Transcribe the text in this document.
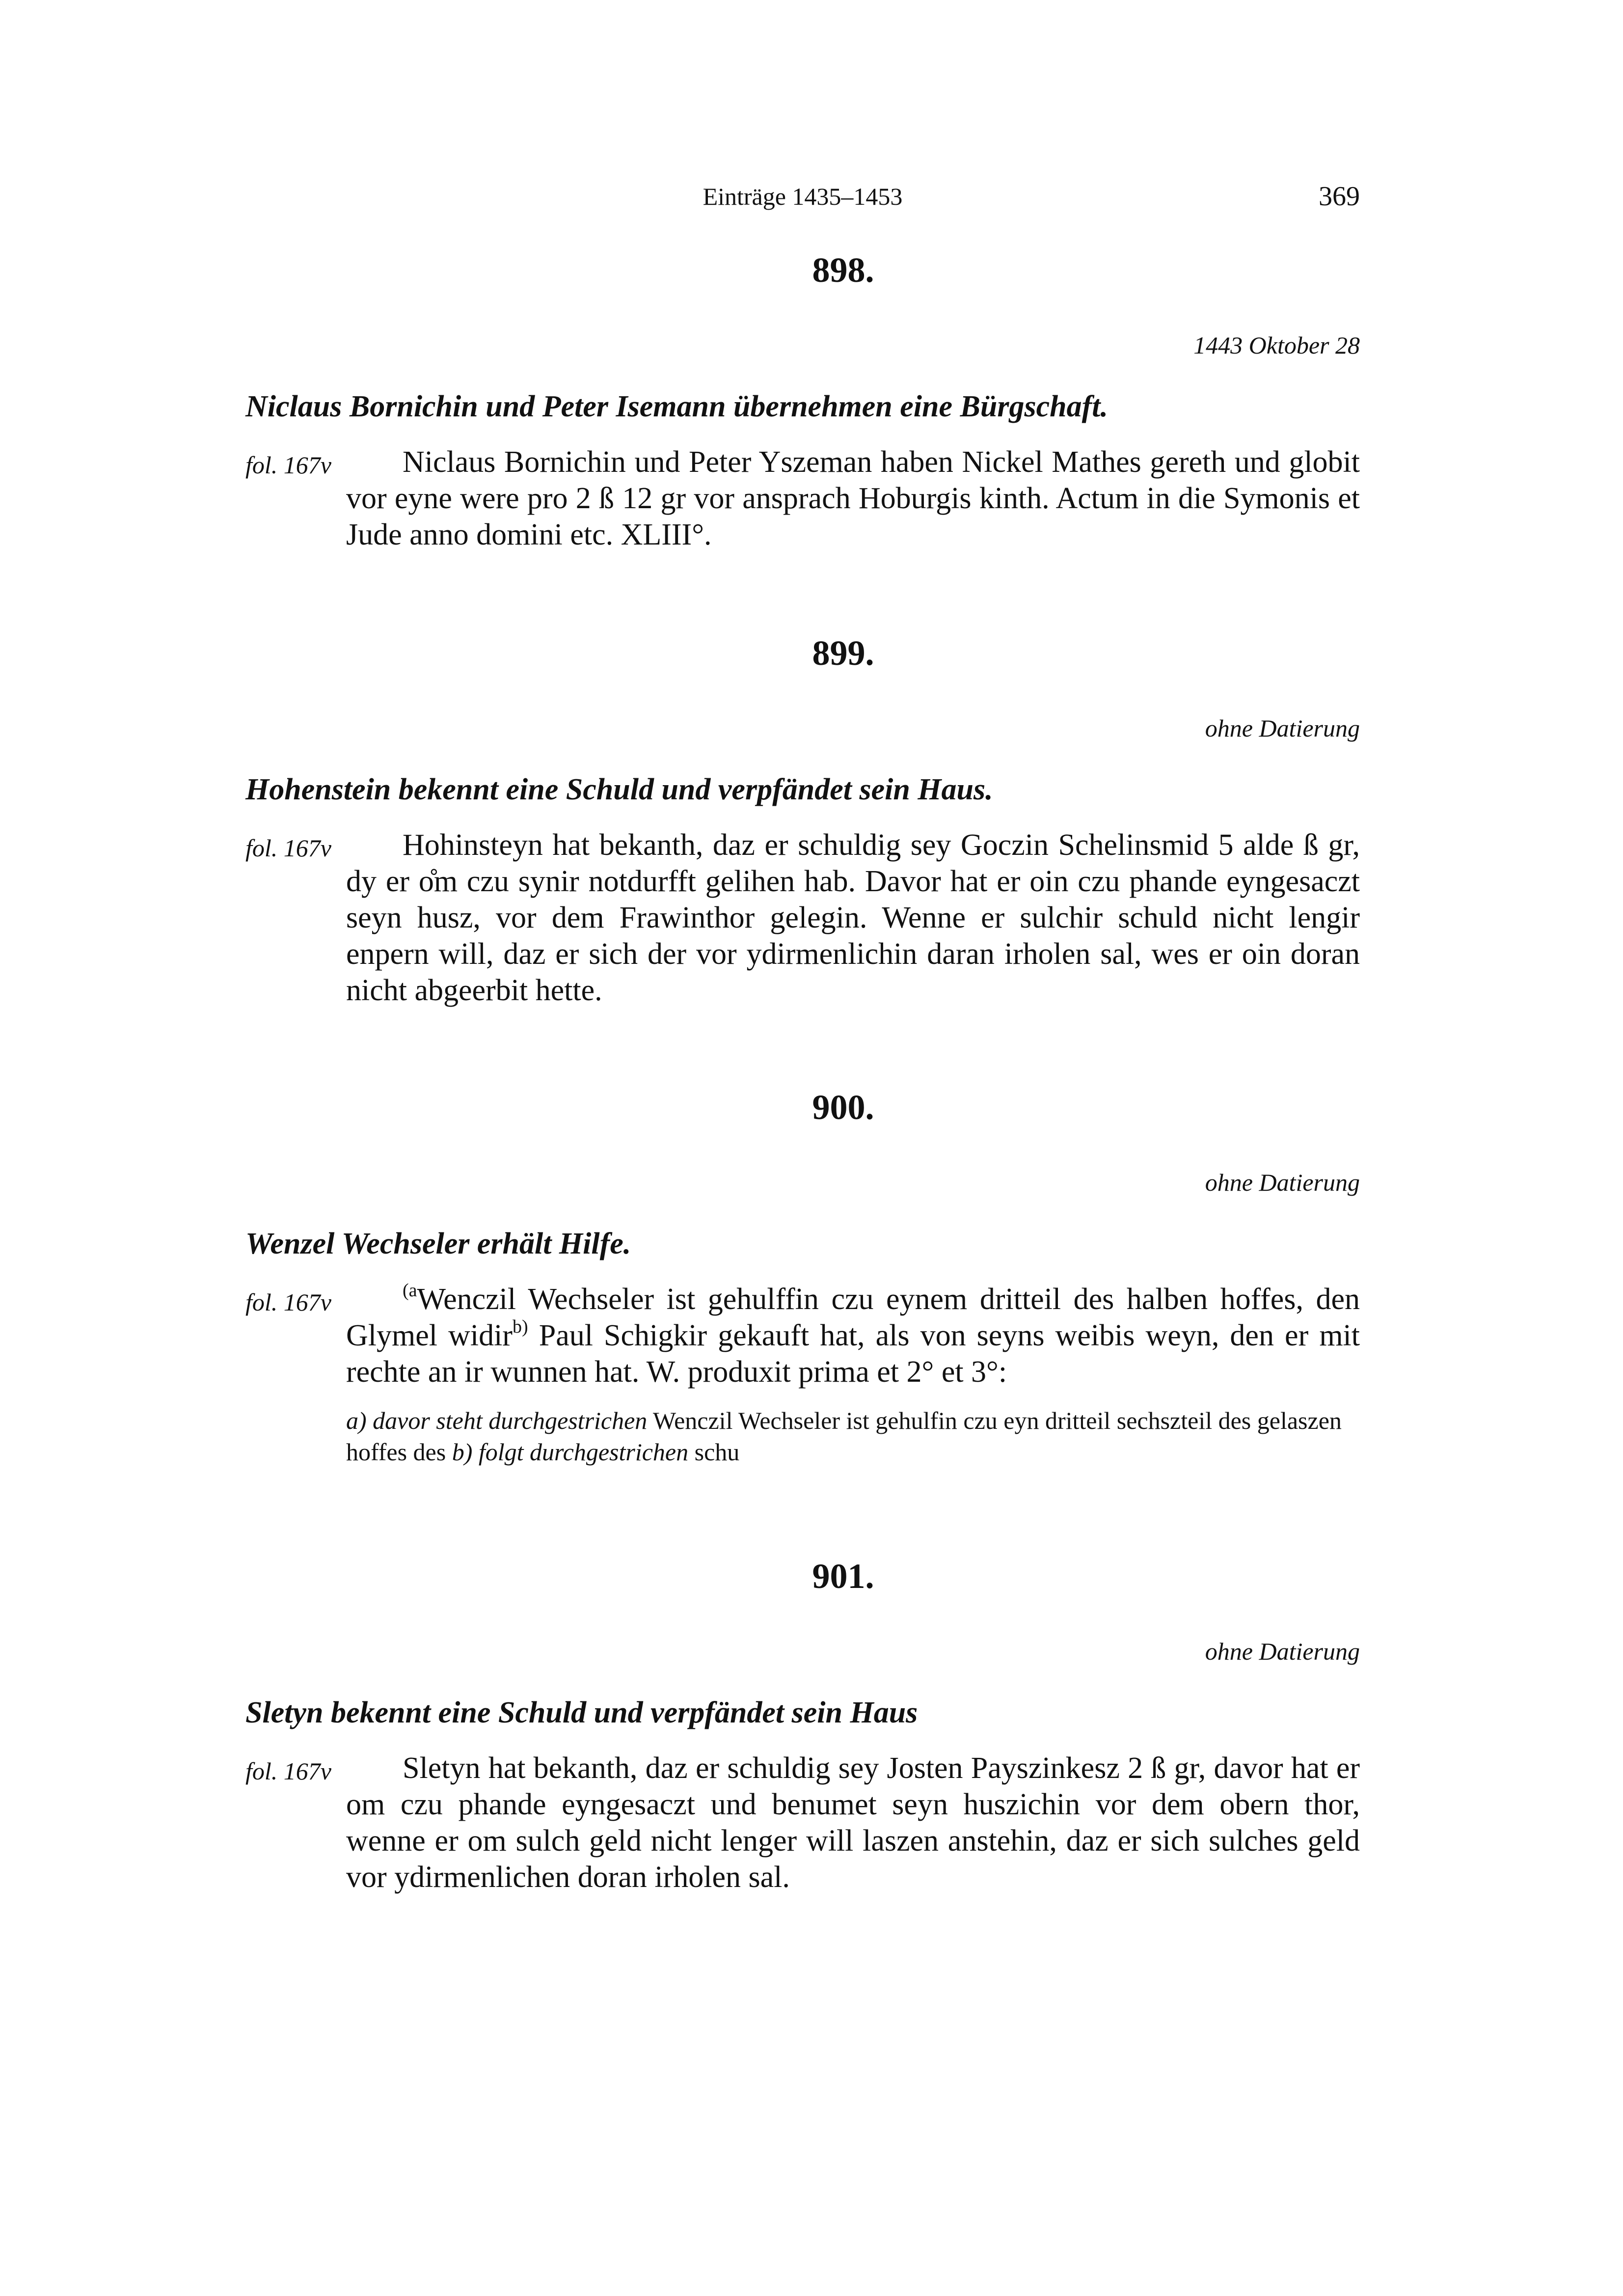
Einträge 1435–1453	369
898.
1443 Oktober 28
Niclaus Bornichin und Peter Isemann übernehmen eine Bürgschaft.
fol. 167v Niclaus Bornichin und Peter Yszeman haben Nickel Mathes gereth und globit vor eyne were pro 2 ß 12 gr vor ansprach Hoburgis kinth. Actum in die Symonis et Jude anno domini etc. XLIII°.
899.
ohne Datierung
Hohenstein bekennt eine Schuld und verpfändet sein Haus.
fol. 167v Hohinsteyn hat bekanth, daz er schuldig sey Goczin Schelinsmid 5 alde ß gr, dy er o̊m czu synir notdurfft gelihen hab. Davor hat er oin czu phande eyngesaczt seyn husz, vor dem Frawinthor gelegin. Wenne er sulchir schuld nicht lengir enpern will, daz er sich der vor ydirmenlichin daran irholen sal, wes er oin doran nicht abgeerbit hette.
900.
ohne Datierung
Wenzel Wechseler erhält Hilfe.
fol. 167v	$^{(a}$Wenczil Wechseler ist gehulffin czu eynem dritteil des halben hoffes, den Glymel widir$^{b)}$ Paul Schigkir gekauft hat, als von seyns weibis weyn, den er mit rechte an ir wunnen hat. W. produxit prima et 2° et 3°:
a) davor steht durchgestrichen Wenczil Wechseler ist gehulfin czu eyn dritteil sechszteil des gelaszen hoffes des b) folgt durchgestrichen schu
901.
ohne Datierung
Sletyn bekennt eine Schuld und verpfändet sein Haus
fol. 167v Sletyn hat bekanth, daz er schuldig sey Josten Payszinkesz 2 ß gr, davor hat er om czu phande eyngesaczt und benumet seyn huszichin vor dem obern thor, wenne er om sulch geld nicht lenger will laszen anstehin, daz er sich sulches geld vor ydirmenlichen doran irholen sal.
